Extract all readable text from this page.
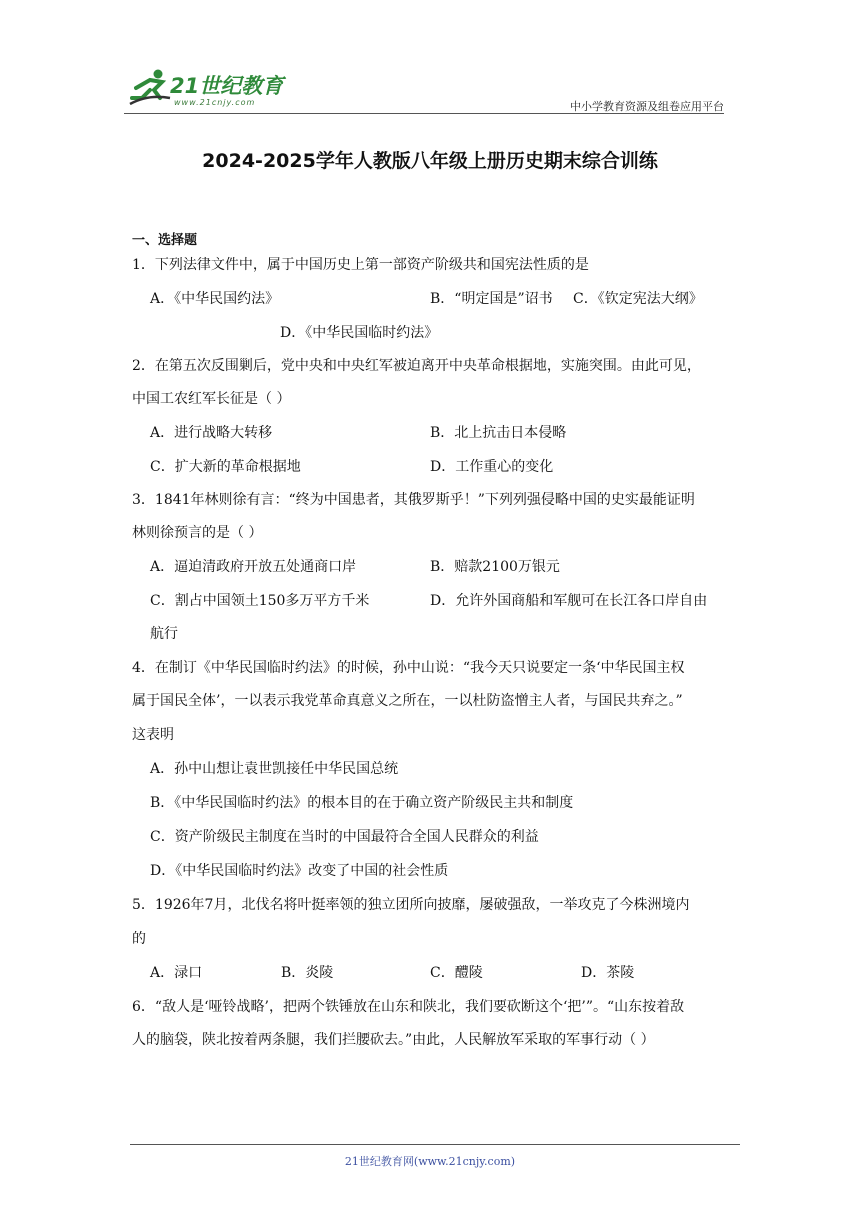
21世纪教育
www.21cnjy.com	中小学教育资源及组卷应用平台
2024-2025学年人教版八年级上册历史期末综合训练
一、选择题
1．下列法律文件中，属于中国历史上第一部资产阶级共和国宪法性质的是
A．《中华民国约法》	B．“明定国是”诏书 C．《钦定宪法大纲》
D．《中华民国临时约法》
2．在第五次反围剿后，党中央和中央红军被迫离开中央革命根据地，实施突围。由此可见，
中国工农红军长征是（ ）
A．进行战略大转移	B．北上抗击日本侵略
C．扩大新的革命根据地	D．工作重心的变化
3．1841年林则徐有言：“终为中国患者，其俄罗斯乎！”下列列强侵略中国的史实最能证明
林则徐预言的是（ ）
A．逼迫清政府开放五处通商口岸	B．赔款2100万银元
C．割占中国领土150多万平方千米	D．允许外国商船和军舰可在长江各口岸自由
航行
4．在制订《中华民国临时约法》的时候，孙中山说：“我今天只说要定一条‘中华民国主权
属于国民全体’，一以表示我党革命真意义之所在，一以杜防盗憎主人者，与国民共弃之。”
这表明
A．孙中山想让袁世凯接任中华民国总统
B．《中华民国临时约法》的根本目的在于确立资产阶级民主共和制度
C．资产阶级民主制度在当时的中国最符合全国人民群众的利益
D．《中华民国临时约法》改变了中国的社会性质
5．1926年7月，北伐名将叶挺率领的独立团所向披靡，屡破强敌，一举攻克了今株洲境内
的
A．渌口	B．炎陵	C．醴陵	D．茶陵
6．“敌人是‘哑铃战略’，把两个铁锤放在山东和陕北，我们要砍断这个‘把’”。“山东按着敌
人的脑袋，陕北按着两条腿，我们拦腰砍去。”由此，人民解放军采取的军事行动（ ）
21世纪教育网(www.21cnjy.com)
